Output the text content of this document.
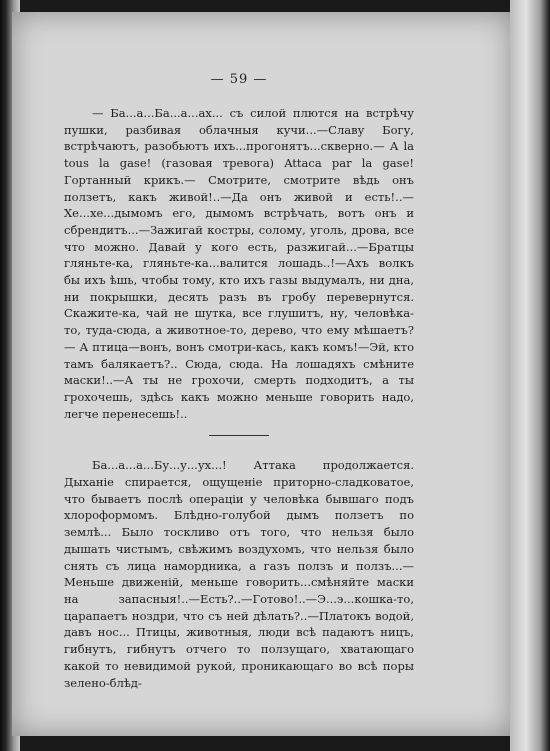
— 59 —

— Ба...а...Ба...а...ах... съ силой плются на встрѣчу пушки, разбивая облачныя кучи...—Славу Богу, встрѣчаютъ, разобьютъ ихъ...прогонятъ...скверно.— А la tous la gase! (газовая тревога) Attaca par la gase! Гортанный крикъ.— Смотрите, смотрите вѣдь онъ ползетъ, какъ живой!..—Да онъ живой и есть!..—Хе...хе...дымомъ его, дымомъ встрѣчать, вотъ онъ и сбрендитъ...—Зажигай костры, солому, уголь, дрова, все что можно. Давай у кого есть, разжигай...—Братцы гляньте-ка, гляньте-ка...валится лошадь..!—Ахъ волкъ бы ихъ ѣшь, чтобы тому, кто ихъ газы выдумалъ, ни дна, ни покрышки, десять разъ въ гробу перевернутся. Скажите-ка, чай не шутка, все глушитъ, ну, человѣка-то, туда-сюда, а животное-то, дерево, что ему мѣшаетъ?— А птица—вонъ, вонъ смотри-кась, какъ комъ!—Эй, кто тамъ балякаетъ?.. Сюда, сюда. На лошадяхъ смѣните маски!..—А ты не грохочи, смерть подходитъ, а ты грохочешь, здѣсь какъ можно меньше говорить надо, легче перенесешь!..

Ба...а...а...Бу...у...ух...! Аттака продолжается. Дыханіе спирается, ощущеніе приторно-сладковатое, что бываетъ послѣ операціи у человѣка бывшаго подъ хлороформомъ. Блѣдно-голубой дымъ ползетъ по землѣ... Было тоскливо отъ того, что нельзя было дышать чистымъ, свѣжимъ воздухомъ, что нельзя было снять съ лица намордника, а газъ ползъ и ползъ...—Меньше движеній, меньше говорить...смѣняйте маски на запасныя!..—Есть?..—Готово!..—Э...э...кошка-то, царапаетъ ноздри, что съ ней дѣлать?..—Платокъ водой, давъ нос... Птицы, животныя, люди всѣ падаютъ ницъ, гибнутъ, гибнутъ отчего то ползущаго, хватающаго какой то невидимой рукой, проникающаго во всѣ поры зелено-блѣд-
